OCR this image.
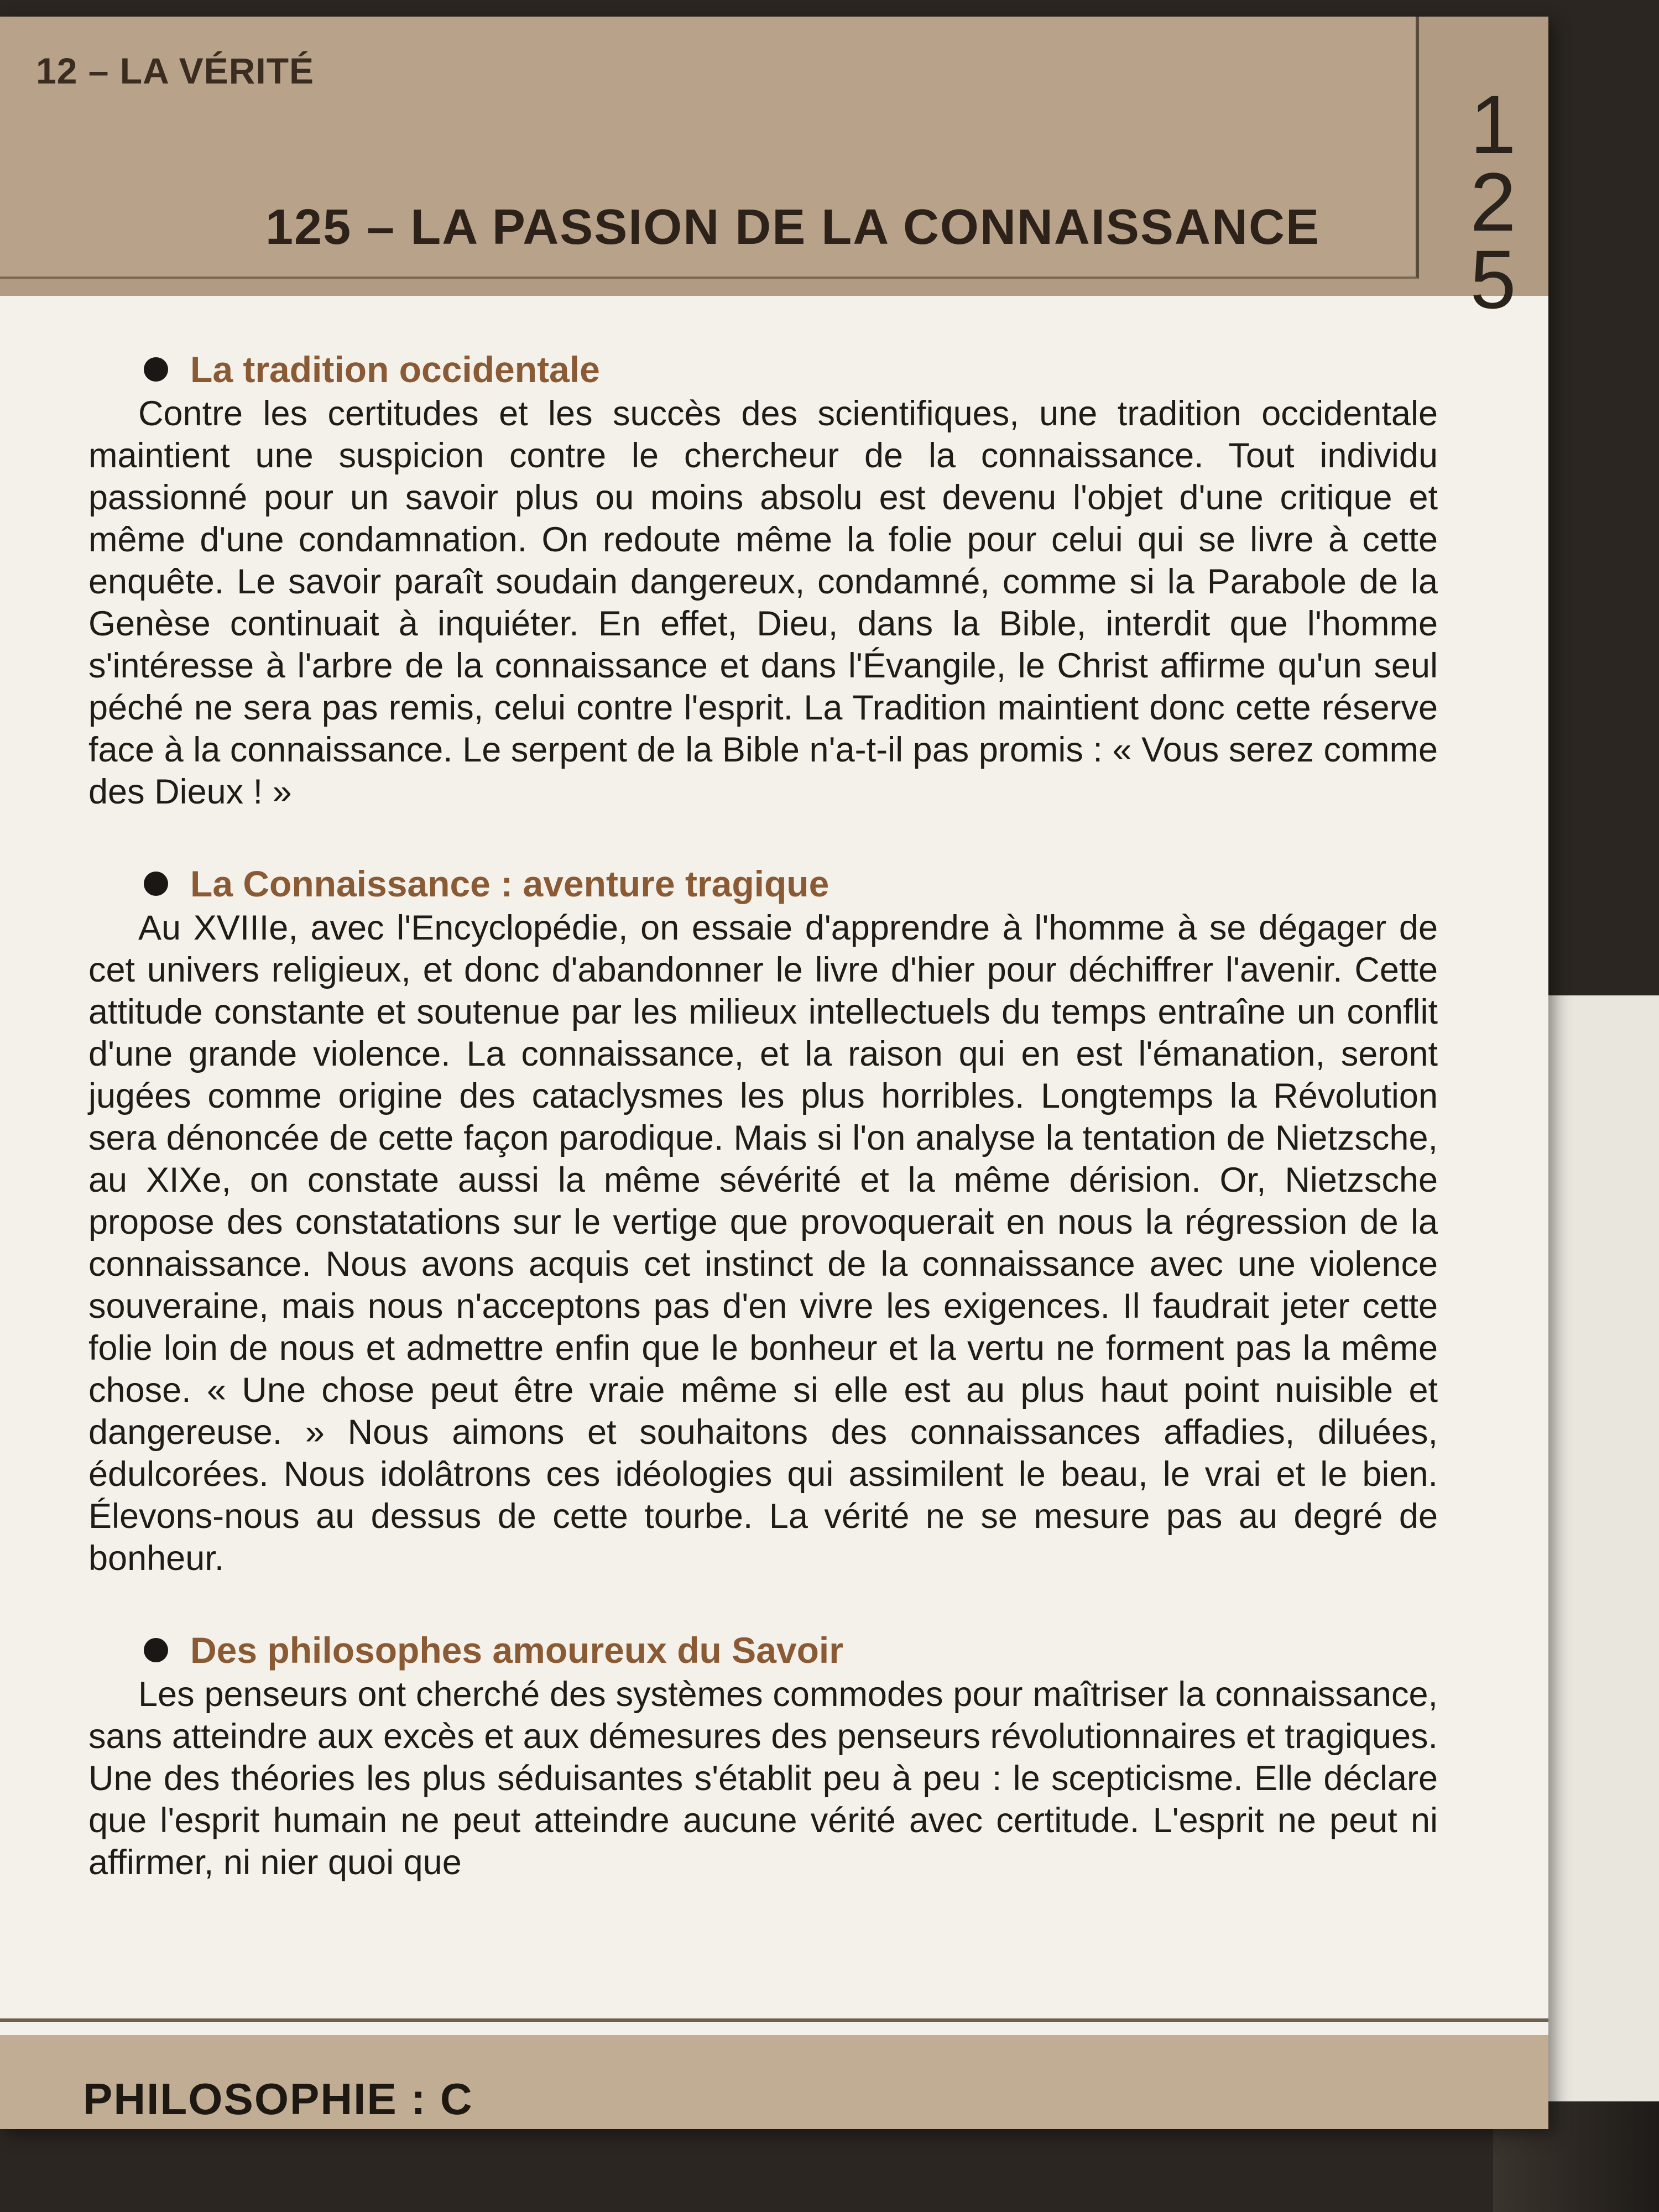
12 – LA VÉRITÉ
125 – LA PASSION DE LA CONNAISSANCE
1
2
5
La tradition occidentale

Contre les certitudes et les succès des scientifiques, une tradition occidentale maintient une suspicion contre le chercheur de la connaissance. Tout individu passionné pour un savoir plus ou moins absolu est devenu l'objet d'une critique et même d'une condamnation. On redoute même la folie pour celui qui se livre à cette enquête. Le savoir paraît soudain dangereux, condamné, comme si la Parabole de la Genèse continuait à inquiéter. En effet, Dieu, dans la Bible, interdit que l'homme s'intéresse à l'arbre de la connaissance et dans l'Évangile, le Christ affirme qu'un seul péché ne sera pas remis, celui contre l'esprit. La Tradition maintient donc cette réserve face à la connaissance. Le serpent de la Bible n'a-t-il pas promis : « Vous serez comme des Dieux ! »

La Connaissance : aventure tragique

Au XVIIIe, avec l'Encyclopédie, on essaie d'apprendre à l'homme à se dégager de cet univers religieux, et donc d'abandonner le livre d'hier pour déchiffrer l'avenir. Cette attitude constante et soutenue par les milieux intellectuels du temps entraîne un conflit d'une grande violence. La connaissance, et la raison qui en est l'émanation, seront jugées comme origine des cataclysmes les plus horribles. Longtemps la Révolution sera dénoncée de cette façon parodique. Mais si l'on analyse la tentation de Nietzsche, au XIXe, on constate aussi la même sévérité et la même dérision. Or, Nietzsche propose des constatations sur le vertige que provoquerait en nous la régression de la connaissance. Nous avons acquis cet instinct de la connaissance avec une violence souveraine, mais nous n'acceptons pas d'en vivre les exigences. Il faudrait jeter cette folie loin de nous et admettre enfin que le bonheur et la vertu ne forment pas la même chose. « Une chose peut être vraie même si elle est au plus haut point nuisible et dangereuse. » Nous aimons et souhaitons des connaissances affadies, diluées, édulcorées. Nous idolâtrons ces idéologies qui assimilent le beau, le vrai et le bien. Élevons-nous au dessus de cette tourbe. La vérité ne se mesure pas au degré de bonheur.

Des philosophes amoureux du Savoir

Les penseurs ont cherché des systèmes commodes pour maîtriser la connaissance, sans atteindre aux excès et aux démesures des penseurs révolutionnaires et tragiques. Une des théories les plus séduisantes s'établit peu à peu : le scepticisme. Elle déclare que l'esprit humain ne peut atteindre aucune vérité avec certitude. L'esprit ne peut ni affirmer, ni nier quoi que

PHILOSOPHIE : C
